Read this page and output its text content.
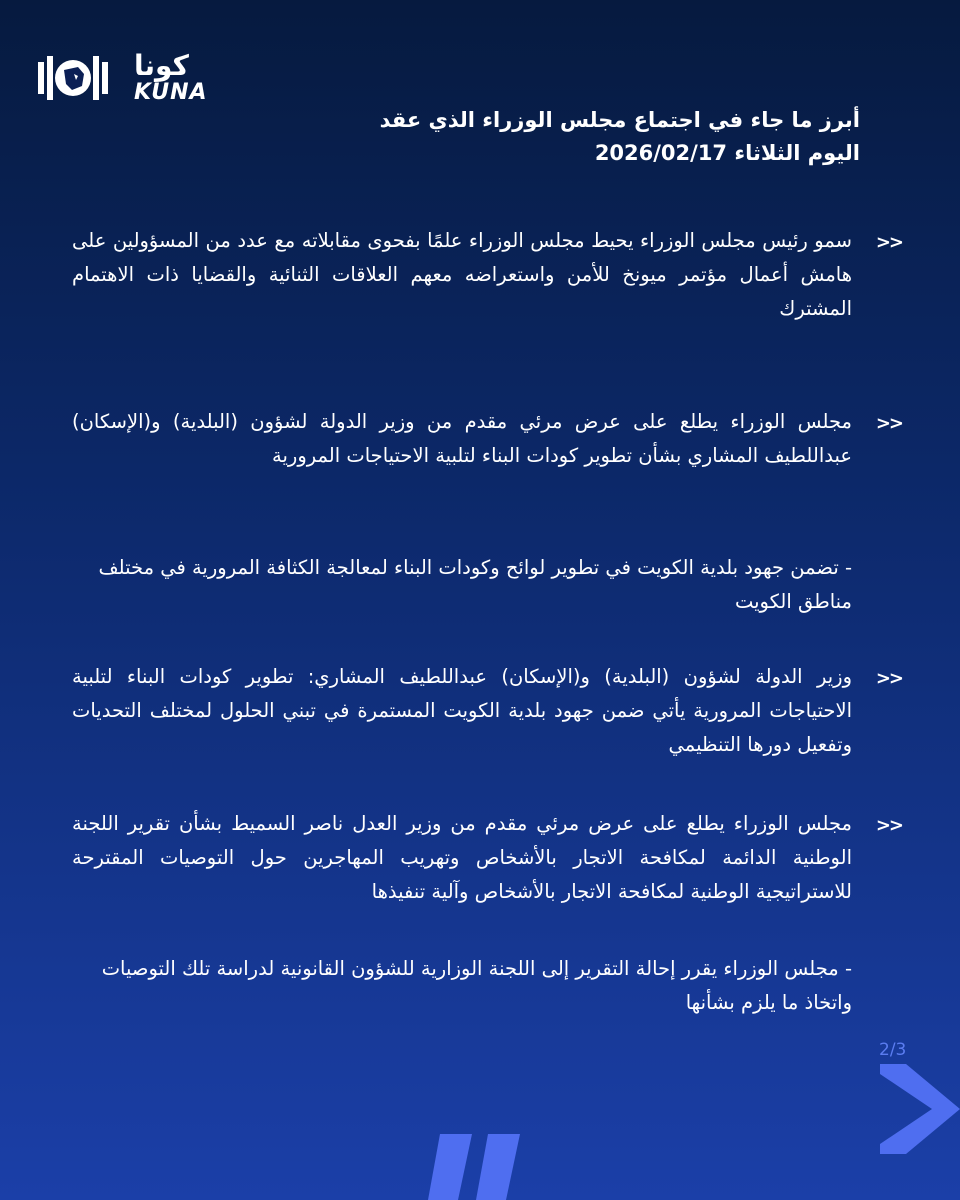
كونا
KUNA
أبرز ما جاء في اجتماع مجلس الوزراء الذي عقد
اليوم الثلاثاء 2026/02/17
>>
سمو رئيس مجلس الوزراء يحيط مجلس الوزراء علمًا بفحوى مقابلاته مع عدد من المسؤولين على هامش أعمال مؤتمر ميونخ للأمن واستعراضه معهم العلاقات الثنائية والقضايا ذات الاهتمام المشترك
>>
مجلس الوزراء يطلع على عرض مرئي مقدم من وزير الدولة لشؤون (البلدية) و(الإسكان) عبداللطيف المشاري بشأن تطوير كودات البناء لتلبية الاحتياجات المرورية
- تضمن جهود بلدية الكويت في تطوير لوائح وكودات البناء لمعالجة الكثافة المرورية في مختلف مناطق الكويت
>>
وزير الدولة لشؤون (البلدية) و(الإسكان) عبداللطيف المشاري: تطوير كودات البناء لتلبية الاحتياجات المرورية يأتي ضمن جهود بلدية الكويت المستمرة في تبني الحلول لمختلف التحديات وتفعيل دورها التنظيمي
>>
مجلس الوزراء يطلع على عرض مرئي مقدم من وزير العدل ناصر السميط بشأن تقرير اللجنة الوطنية الدائمة لمكافحة الاتجار بالأشخاص وتهريب المهاجرين حول التوصيات المقترحة للاستراتيجية الوطنية لمكافحة الاتجار بالأشخاص وآلية تنفيذها
- مجلس الوزراء يقرر إحالة التقرير إلى اللجنة الوزارية للشؤون القانونية لدراسة تلك التوصيات واتخاذ ما يلزم بشأنها
2/3
